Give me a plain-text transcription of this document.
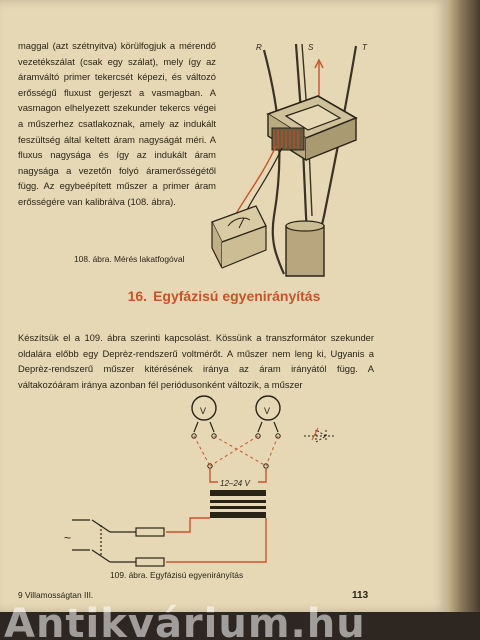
maggal (azt szétnyitva) körülfogjuk a mérendő vezetékszálat (csak egy szálat), mely így az áramváltó primer tekercsét képezi, és változó erősségű fluxust gerjeszt a vasmagban. A vasmagon elhelyezett szekunder tekercs végei a műszerhez csatlakoznak, amely az indukált feszültség által keltett áram nagyságát méri. A fluxus nagysága és így az indukált áram nagysága a vezetőn folyó áramerősségétől függ. Az egybeépített műszer a primer áram erősségére van kalibrálva (108. ábra).

R	S	T
108. ábra. Mérés lakatfogóval
16. Egyfázisú egyenirányítás
Készítsük el a 109. ábra szerinti kapcsolást. Kössünk a transzformátor szekunder oldalára előbb egy Deprèz-rendszerű voltmérőt. A műszer nem leng ki, Ugyanis a Deprèz-rendszerű műszer kitérésének iránya az áram irányától függ. A váltakozóáram iránya azonban fél periódusonként változik, a műszer
V	V
12–24 V
~
109. ábra. Egyfázisú egyenirányítás
9 Villamosságtan III.	113
Antikvárium.hu
